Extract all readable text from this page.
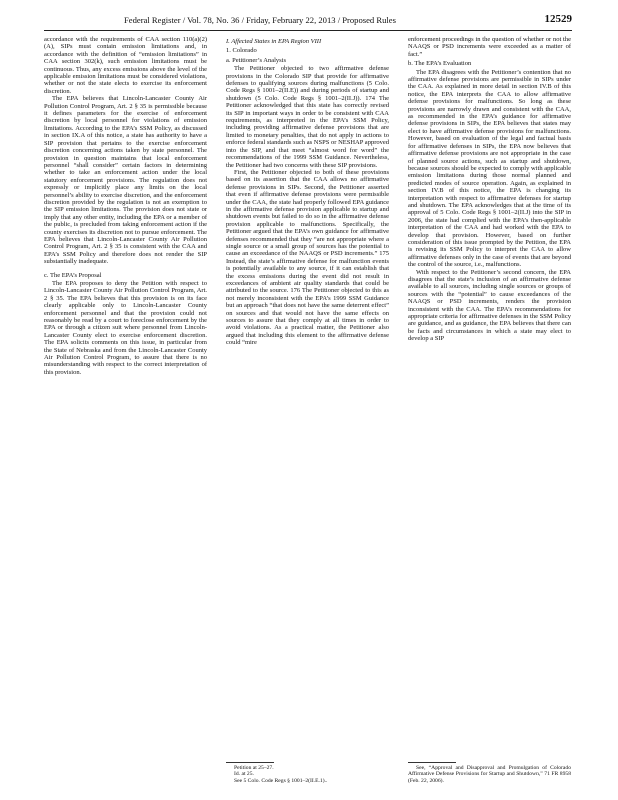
Federal Register / Vol. 78, No. 36 / Friday, February 22, 2013 / Proposed Rules	12529

accordance with the requirements of CAA section 110(a)(2)(A), SIPs must contain emission limitations and, in accordance with the definition of “emission limitations” in CAA section 302(k), such emission limitations must be continuous. Thus, any excess emissions above the level of the applicable emission limitations must be considered violations, whether or not the state elects to exercise its enforcement discretion.

The EPA believes that Lincoln-Lancaster County Air Pollution Control Program, Art. 2 § 35 is permissible because it defines parameters for the exercise of enforcement discretion by local personnel for violations of emission limitations. According to the EPA’s SSM Policy, as discussed in section IX.A of this notice, a state has authority to have a SIP provision that pertains to the exercise enforcement discretion concerning actions taken by state personnel. The provision in question maintains that local enforcement personnel “shall consider” certain factors in determining whether to take an enforcement action under the local statutory enforcement provisions. The regulation does not expressly or implicitly place any limits on the local personnel’s ability to exercise discretion, and the enforcement discretion provided by the regulation is not an exemption to the SIP emission limitations. The provision does not state or imply that any other entity, including the EPA or a member of the public, is precluded from taking enforcement action if the county exercises its discretion not to pursue enforcement. The EPA believes that Lincoln-Lancaster County Air Pollution Control Program, Art. 2 § 35 is consistent with the CAA and EPA’s SSM Policy and therefore does not render the SIP substantially inadequate.

c. The EPA’s Proposal

The EPA proposes to deny the Petition with respect to Lincoln-Lancaster County Air Pollution Control Program, Art. 2 § 35. The EPA believes that this provision is on its face clearly applicable only to Lincoln-Lancaster County enforcement personnel and that the provision could not reasonably be read by a court to foreclose enforcement by the EPA or through a citizen suit where personnel from Lincoln-Lancaster County elect to exercise enforcement discretion. The EPA solicits comments on this issue, in particular from the State of Nebraska and from the Lincoln-Lancaster County Air Pollution Control Program, to assure that there is no misunderstanding with respect to the correct interpretation of this provision.

I. Affected States in EPA Region VIII

1. Colorado

a. Petitioner’s Analysis

The Petitioner objected to two affirmative defense provisions in the Colorado SIP that provide for affirmative defenses to qualifying sources during malfunctions (5 Colo. Code Regs § 1001–2(II.E)) and during periods of startup and shutdown (5 Colo. Code Regs § 1001–2(II.J)). 174 The Petitioner acknowledged that this state has correctly revised its SIP in important ways in order to be consistent with CAA requirements, as interpreted in the EPA’s SSM Policy, including providing affirmative defense provisions that are limited to monetary penalties, that do not apply in actions to enforce federal standards such as NSPS or NESHAP approved into the SIP, and that meet “almost word for word” the recommendations of the 1999 SSM Guidance. Nevertheless, the Petitioner had two concerns with these SIP provisions.

First, the Petitioner objected to both of these provisions based on its assertion that the CAA allows no affirmative defense provisions in SIPs. Second, the Petitioner asserted that even if affirmative defense provisions were permissible under the CAA, the state had properly followed EPA guidance in the affirmative defense provision applicable to startup and shutdown events but failed to do so in the affirmative defense provision applicable to malfunctions. Specifically, the Petitioner argued that the EPA’s own guidance for affirmative defenses recommended that they “are not appropriate where a single source or a small group of sources has the potential to cause an exceedance of the NAAQS or PSD increments.” 175 Instead, the state’s affirmative defense for malfunction events is potentially available to any source, if it can establish that the excess emissions during the event did not result in exceedances of ambient air quality standards that could be attributed to the source. 176 The Petitioner objected to this as not merely inconsistent with the EPA’s 1999 SSM Guidance but an approach “that does not have the same deterrent effect” on sources and that would not have the same effects on sources to assure that they comply at all times in order to avoid violations. As a practical matter, the Petitioner also argued that including this element to the affirmative defense could “mire

Petition at 25–27.

Id. at 25.

See 5 Colo. Code Regs § 1001–2(II.E.1)..

enforcement proceedings in the question of whether or not the NAAQS or PSD increments were exceeded as a matter of fact.”

b. The EPA’s Evaluation

The EPA disagrees with the Petitioner’s contention that no affirmative defense provisions are permissible in SIPs under the CAA. As explained in more detail in section IV.B of this notice, the EPA interprets the CAA to allow affirmative defense provisions for malfunctions. So long as these provisions are narrowly drawn and consistent with the CAA, as recommended in the EPA’s guidance for affirmative defense provisions in SIPs, the EPA believes that states may elect to have affirmative defense provisions for malfunctions. However, based on evaluation of the legal and factual basis for affirmative defenses in SIPs, the EPA now believes that affirmative defense provisions are not appropriate in the case of planned source actions, such as startup and shutdown, because sources should be expected to comply with applicable emission limitations during those normal planned and predicted modes of source operation. Again, as explained in section IV.B of this notice, the EPA is changing its interpretation with respect to affirmative defenses for startup and shutdown. The EPA acknowledges that at the time of its approval of 5 Colo. Code Regs § 1001–2(II.J) into the SIP in 2006, the state had complied with the EPA’s then-applicable interpretation of the CAA and had worked with the EPA to develop that provision. However, based on further consideration of this issue prompted by the Petition, the EPA is revising its SSM Policy to interpret the CAA to allow affirmative defenses only in the case of events that are beyond the control of the source, i.e., malfunctions.

With respect to the Petitioner’s second concern, the EPA disagrees that the state’s inclusion of an affirmative defense available to all sources, including single sources or groups of sources with the “potential” to cause exceedances of the NAAQS or PSD increments, renders the provision inconsistent with the CAA. The EPA’s recommendations for appropriate criteria for affirmative defenses in the SSM Policy are guidance, and as guidance, the EPA believes that there can be facts and circumstances in which a state may elect to develop a SIP

See, “Approval and Disapproval and Promulgation of Colorado Affirmative Defense Provisions for Startup and Shutdown,” 71 FR 8958 (Feb. 22, 2006).
